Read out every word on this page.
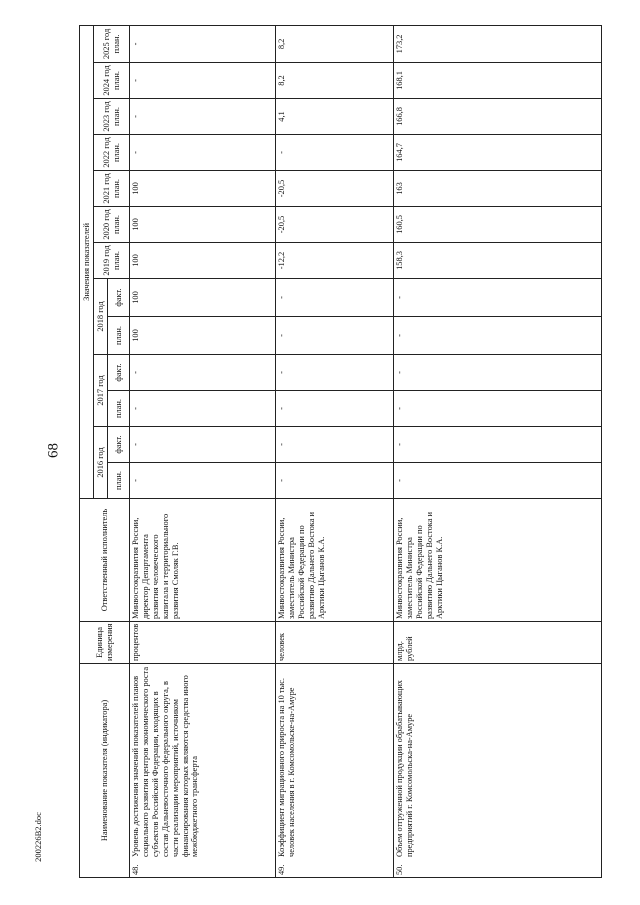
68
200226В2.doc	Наименование показателя (индикатора)	Единица измерения	Ответственный исполнитель	Значения показателей												
			2016 год		2017 год		2018 год		2019 год план.	2020 год план.	2021 год план.	2022 год план.	2023 год план.	2024 год план.	2025 год план.
			план.	факт.	план.	факт.	план.	факт.							

48.
Уровень достижения значений показателей планов социального развития центров экономического роста субъектов Российской Федерации, входящих в состав Дальневосточного федерального округа, в части реализации мероприятий, источником финансирования которых являются средства иного межбюджетного трансферта	процентов	Минвостокразвития России, директор Департамента развития человеческого капитала и территориального развития Смоляк Г.В.	-	-	-	-	100	100	100	100	100	-	-	-	-

49.
Коэффициент миграционного прироста на 10 тыс. человек населения в г. Комсомольске-на-Амуре	человек	Минвостокразвития России, заместитель Министра Российской Федерации по развитию Дальнего Востока и Арктики Цыганов К.А.	-	-	-	-	-	-	-12,2	-20,5	-20,5	-	4,1	8,2	8,2

50.
Объем отгруженной продукции обрабатывающих предприятий г. Комсомольска-на-Амуре	млрд. рублей	Минвостокразвития России, заместитель Министра Российской Федерации по развитию Дальнего Востока и Арктики Цыганов К.А.	-	-	-	-	-	-	158,3	160,5	163	164,7	166,8	168,1	173,2
